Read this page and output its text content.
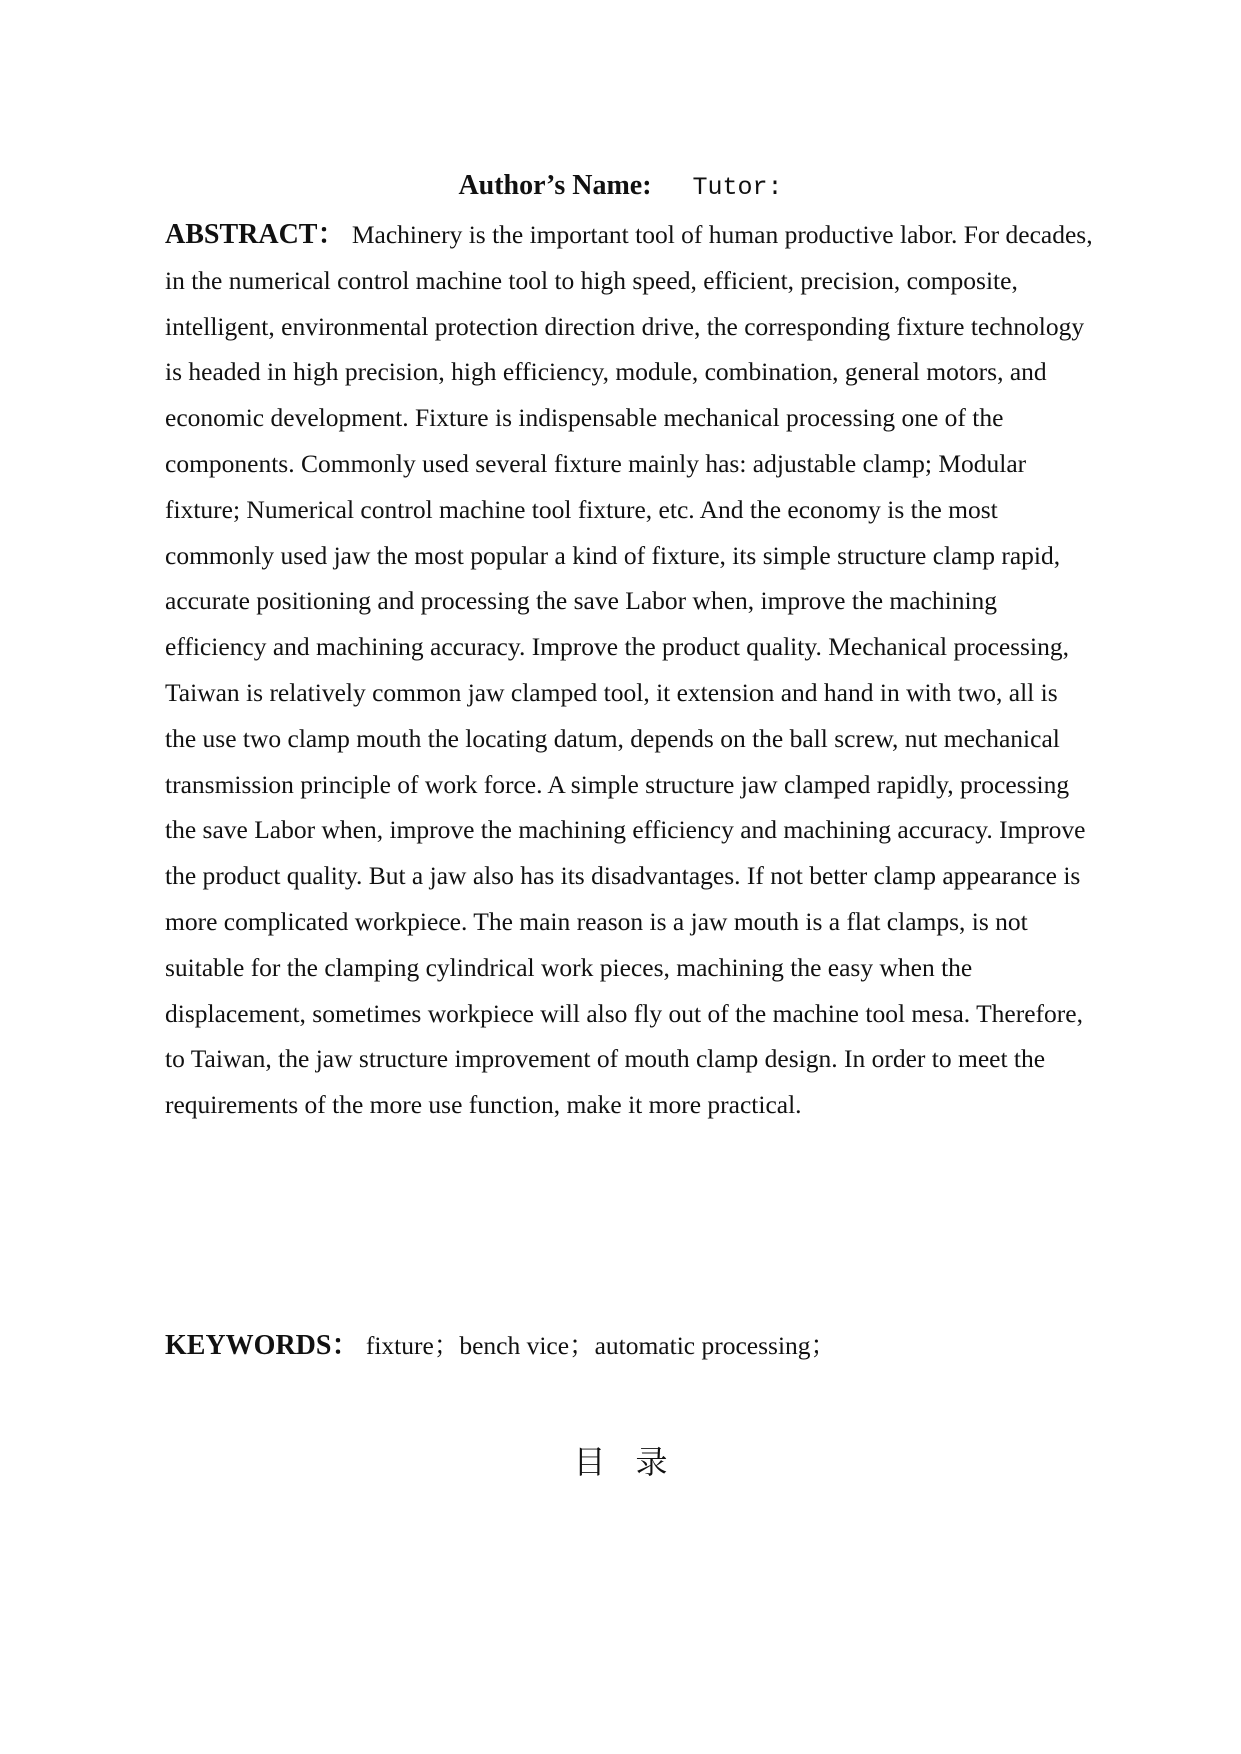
Author’s Name: Tutor:
ABSTRACT： Machinery is the important tool of human productive labor. For decades, in the numerical control machine tool to high speed, efficient, precision, composite, intelligent, environmental protection direction drive, the corresponding fixture technology is headed in high precision, high efficiency, module, combination, general motors, and economic development. Fixture is indispensable mechanical processing one of the components. Commonly used several fixture mainly has: adjustable clamp; Modular fixture; Numerical control machine tool fixture, etc. And the economy is the most commonly used jaw the most popular a kind of fixture, its simple structure clamp rapid, accurate positioning and processing the save Labor when, improve the machining efficiency and machining accuracy. Improve the product quality. Mechanical processing, Taiwan is relatively common jaw clamped tool, it extension and hand in with two, all is the use two clamp mouth the locating datum, depends on the ball screw, nut mechanical transmission principle of work force. A simple structure jaw clamped rapidly, processing the save Labor when, improve the machining efficiency and machining accuracy. Improve the product quality. But a jaw also has its disadvantages. If not better clamp appearance is more complicated workpiece. The main reason is a jaw mouth is a flat clamps, is not suitable for the clamping cylindrical work pieces, machining the easy when the displacement, sometimes workpiece will also fly out of the machine tool mesa. Therefore, to Taiwan, the jaw structure improvement of mouth clamp design. In order to meet the requirements of the more use function, make it more practical.
KEYWORDS： fixture；bench vice；automatic processing；
目录
